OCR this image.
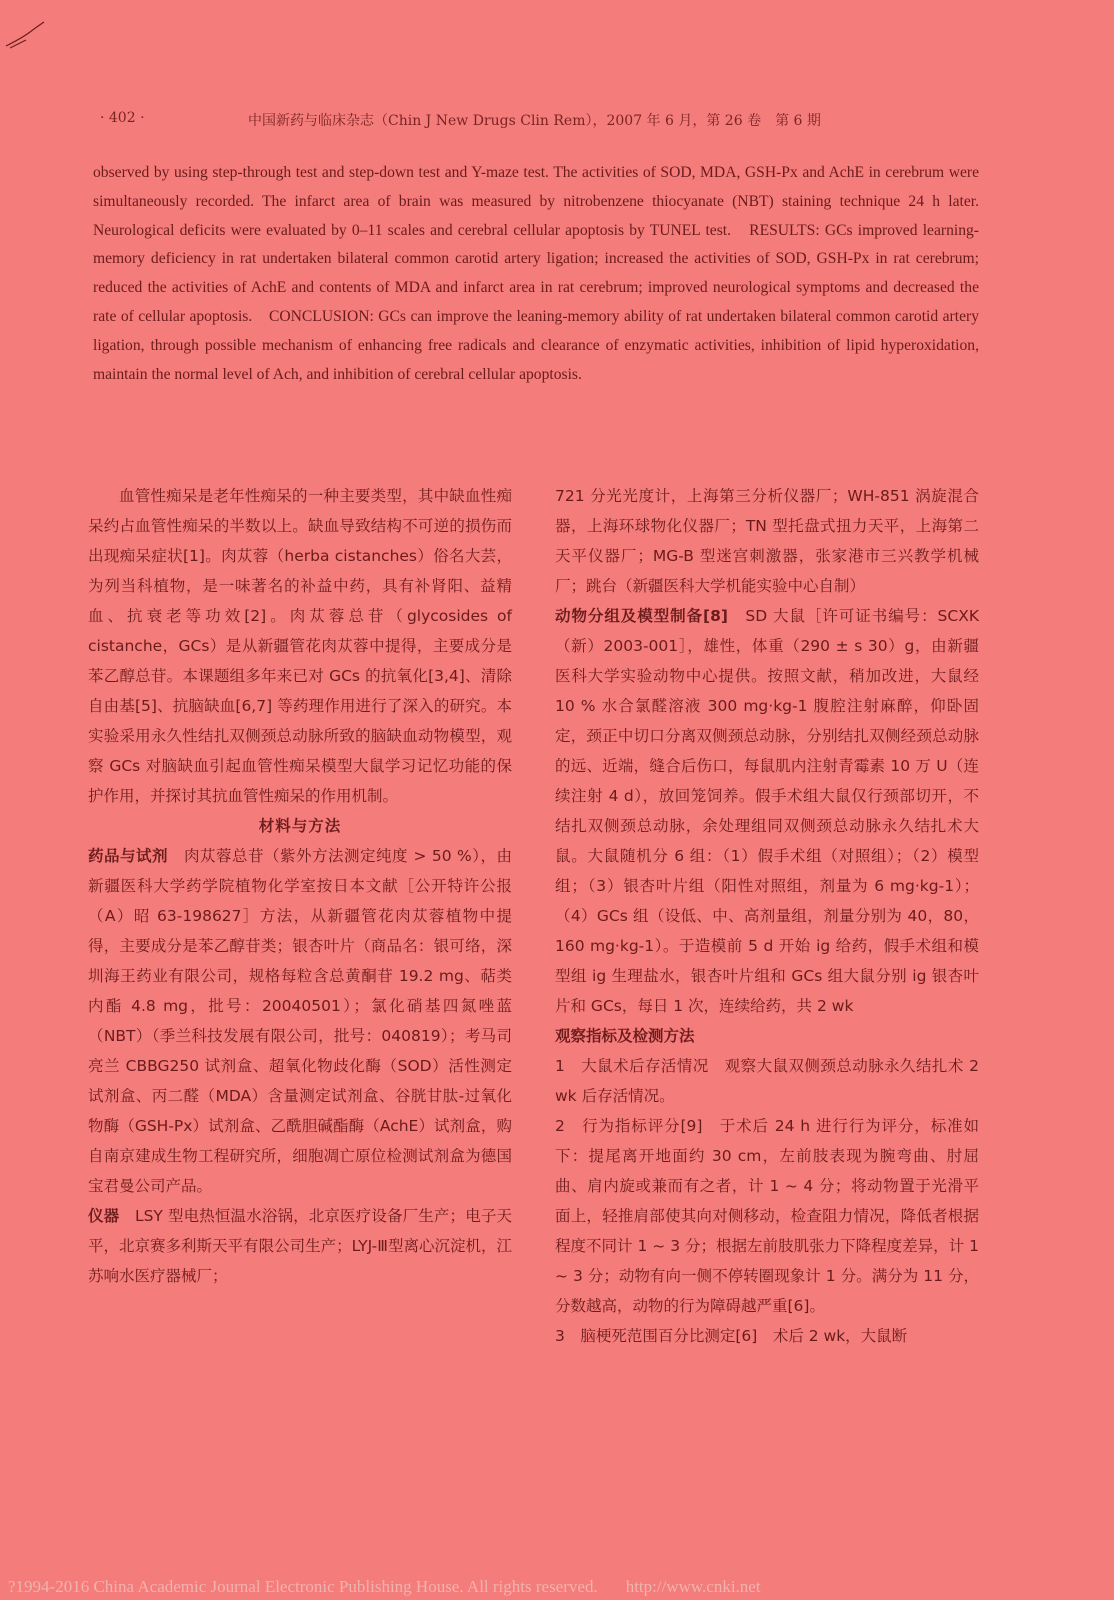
· 402 ·	中国新药与临床杂志（Chin J New Drugs Clin Rem），2007 年 6 月，第 26 卷　第 6 期

observed by using step-through test and step-down test and Y-maze test. The activities of SOD, MDA, GSH-Px and AchE in cerebrum were simultaneously recorded. The infarct area of brain was measured by nitrobenzene thiocyanate (NBT) staining technique 24 h later. Neurological deficits were evaluated by 0–11 scales and cerebral cellular apoptosis by TUNEL test.　RESULTS: GCs improved learning-memory deficiency in rat undertaken bilateral common carotid artery ligation; increased the activities of SOD, GSH-Px in rat cerebrum; reduced the activities of AchE and contents of MDA and infarct area in rat cerebrum; improved neurological symptoms and decreased the rate of cellular apoptosis.　CONCLUSION: GCs can improve the leaning-memory ability of rat undertaken bilateral common carotid artery ligation, through possible mechanism of enhancing free radicals and clearance of enzymatic activities, inhibition of lipid hyperoxidation, maintain the normal level of Ach, and inhibition of cerebral cellular apoptosis.

血管性痴呆是老年性痴呆的一种主要类型，其中缺血性痴呆约占血管性痴呆的半数以上。缺血导致结构不可逆的损伤而出现痴呆症状[1]。肉苁蓉（herba cistanches）俗名大芸，为列当科植物，是一味著名的补益中药，具有补肾阳、益精血、抗衰老等功效[2]。肉苁蓉总苷（glycosides of cistanche，GCs）是从新疆管花肉苁蓉中提得，主要成分是苯乙醇总苷。本课题组多年来已对 GCs 的抗氧化[3,4]、清除自由基[5]、抗脑缺血[6,7] 等药理作用进行了深入的研究。本实验采用永久性结扎双侧颈总动脉所致的脑缺血动物模型，观察 GCs 对脑缺血引起血管性痴呆模型大鼠学习记忆功能的保护作用，并探讨其抗血管性痴呆的作用机制。

材料与方法

药品与试剂　肉苁蓉总苷（紫外方法测定纯度 > 50 %），由新疆医科大学药学院植物化学室按日本文献［公开特许公报（A）昭 63-198627］方法，从新疆管花肉苁蓉植物中提得，主要成分是苯乙醇苷类；银杏叶片（商品名：银可络，深圳海王药业有限公司，规格每粒含总黄酮苷 19.2 mg、萜类内酯 4.8 mg，批号：20040501）；氯化硝基四氮唑蓝（NBT）（季兰科技发展有限公司，批号：040819）；考马司亮兰 CBBG250 试剂盒、超氧化物歧化酶（SOD）活性测定试剂盒、丙二醛（MDA）含量测定试剂盒、谷胱甘肽-过氧化物酶（GSH-Px）试剂盒、乙酰胆碱酯酶（AchE）试剂盒，购自南京建成生物工程研究所，细胞凋亡原位检测试剂盒为德国宝君曼公司产品。

仪器　LSY 型电热恒温水浴锅，北京医疗设备厂生产；电子天平，北京赛多利斯天平有限公司生产；LYJ-Ⅲ型离心沉淀机，江苏响水医疗器械厂；

721 分光光度计，上海第三分析仪器厂；WH-851 涡旋混合器，上海环球物化仪器厂；TN 型托盘式扭力天平，上海第二天平仪器厂；MG-B 型迷宫刺激器，张家港市三兴教学机械厂；跳台（新疆医科大学机能实验中心自制）

动物分组及模型制备[8]　SD 大鼠［许可证书编号：SCXK（新）2003-001］，雄性，体重（290 ± s 30）g，由新疆医科大学实验动物中心提供。按照文献，稍加改进，大鼠经 10 % 水合氯醛溶液 300 mg·kg-1 腹腔注射麻醉，仰卧固定，颈正中切口分离双侧颈总动脉，分别结扎双侧经颈总动脉的远、近端，缝合后伤口，每鼠肌内注射青霉素 10 万 U（连续注射 4 d），放回笼饲养。假手术组大鼠仅行颈部切开，不结扎双侧颈总动脉，余处理组同双侧颈总动脉永久结扎术大鼠。大鼠随机分 6 组：（1）假手术组（对照组）；（2）模型组；（3）银杏叶片组（阳性对照组，剂量为 6 mg·kg-1）；（4）GCs 组（设低、中、高剂量组，剂量分别为 40，80，160 mg·kg-1）。于造模前 5 d 开始 ig 给药，假手术组和模型组 ig 生理盐水，银杏叶片组和 GCs 组大鼠分别 ig 银杏叶片和 GCs，每日 1 次，连续给药，共 2 wk

观察指标及检测方法

1　大鼠术后存活情况　观察大鼠双侧颈总动脉永久结扎术 2 wk 后存活情况。

2　行为指标评分[9]　于术后 24 h 进行行为评分，标准如下：提尾离开地面约 30 cm，左前肢表现为腕弯曲、肘屈曲、肩内旋或兼而有之者，计 1 ~ 4 分；将动物置于光滑平面上，轻推肩部使其向对侧移动，检查阻力情况，降低者根据程度不同计 1 ~ 3 分；根据左前肢肌张力下降程度差异，计 1 ~ 3 分；动物有向一侧不停转圈现象计 1 分。满分为 11 分，分数越高，动物的行为障碍越严重[6]。

3　脑梗死范围百分比测定[6]　术后 2 wk，大鼠断

?1994-2016 China Academic Journal Electronic Publishing House. All rights reserved. http://www.cnki.net
